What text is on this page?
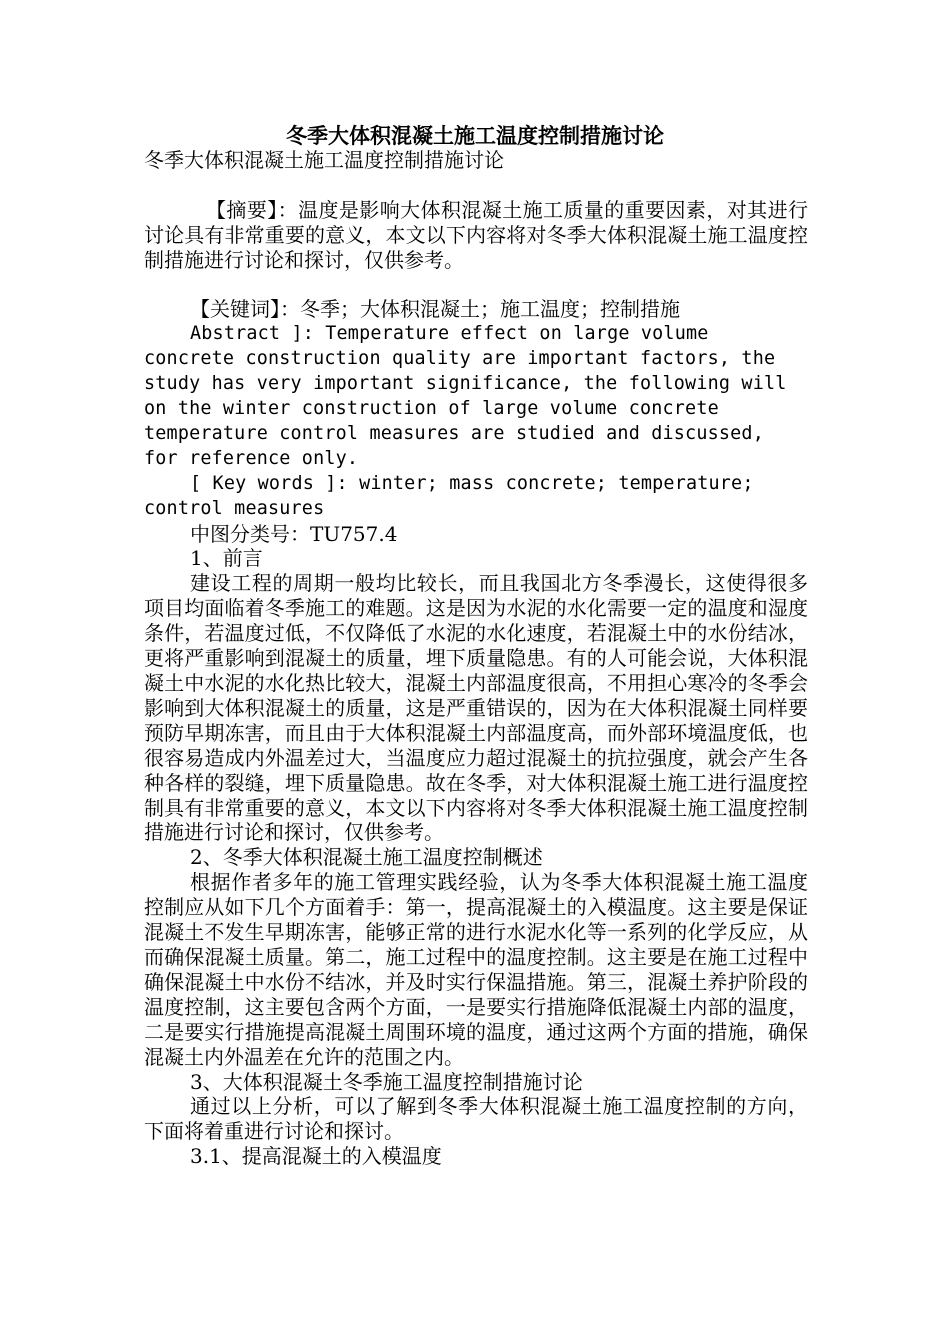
冬季大体积混凝土施工温度控制措施讨论

冬季大体积混凝土施工温度控制措施讨论

【摘要】：温度是影响大体积混凝土施工质量的重要因素，对其进行讨论具有非常重要的意义，本文以下内容将对冬季大体积混凝土施工温度控制措施进行讨论和探讨，仅供参考。

【关键词】：冬季；大体积混凝土；施工温度；控制措施

Abstract ]: Temperature effect on large volume concrete construction quality are important factors, the study has very important significance, the following will on the winter construction of large volume concrete temperature control measures are studied and discussed, for reference only.

[ Key words ]: winter; mass concrete; temperature; control measures

中图分类号：TU757.4

1、前言

建设工程的周期一般均比较长，而且我国北方冬季漫长，这使得很多项目均面临着冬季施工的难题。这是因为水泥的水化需要一定的温度和湿度条件，若温度过低，不仅降低了水泥的水化速度，若混凝土中的水份结冰，更将严重影响到混凝土的质量，埋下质量隐患。有的人可能会说，大体积混凝土中水泥的水化热比较大，混凝土内部温度很高，不用担心寒冷的冬季会影响到大体积混凝土的质量，这是严重错误的，因为在大体积混凝土同样要预防早期冻害，而且由于大体积混凝土内部温度高，而外部环境温度低，也很容易造成内外温差过大，当温度应力超过混凝土的抗拉强度，就会产生各种各样的裂缝，埋下质量隐患。故在冬季，对大体积混凝土施工进行温度控制具有非常重要的意义，本文以下内容将对冬季大体积混凝土施工温度控制措施进行讨论和探讨，仅供参考。

2、冬季大体积混凝土施工温度控制概述

根据作者多年的施工管理实践经验，认为冬季大体积混凝土施工温度控制应从如下几个方面着手：第一，提高混凝土的入模温度。这主要是保证混凝土不发生早期冻害，能够正常的进行水泥水化等一系列的化学反应，从而确保混凝土质量。第二，施工过程中的温度控制。这主要是在施工过程中确保混凝土中水份不结冰，并及时实行保温措施。第三，混凝土养护阶段的温度控制，这主要包含两个方面，一是要实行措施降低混凝土内部的温度，二是要实行措施提高混凝土周围环境的温度，通过这两个方面的措施，确保混凝土内外温差在允许的范围之内。

3、大体积混凝土冬季施工温度控制措施讨论

通过以上分析，可以了解到冬季大体积混凝土施工温度控制的方向，下面将着重进行讨论和探讨。

3.1、提高混凝土的入模温度
